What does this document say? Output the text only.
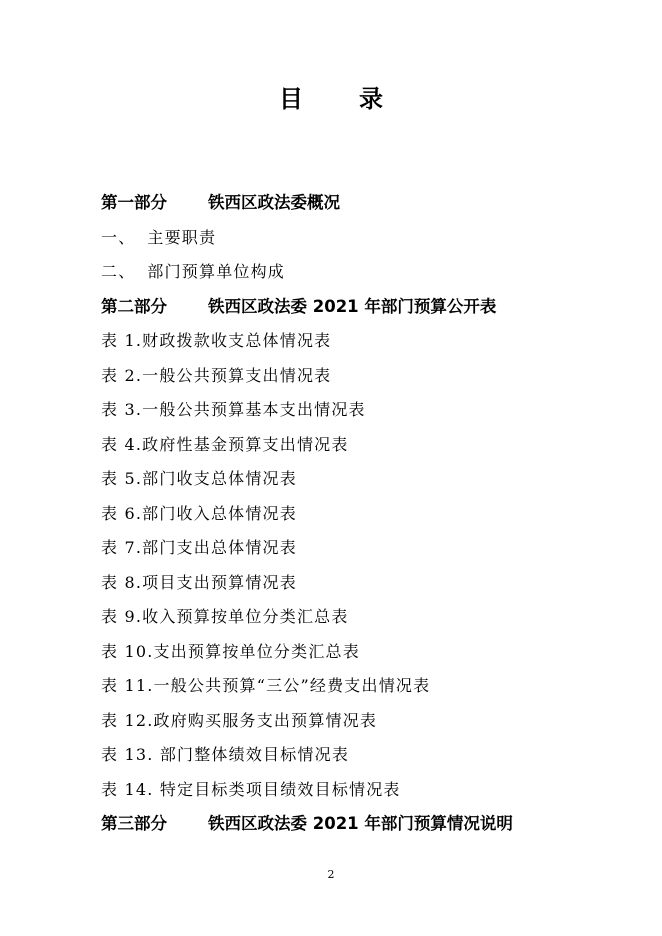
目 录
第一部分 铁西区政法委概况
一、 主要职责
二、 部门预算单位构成
第二部分 铁西区政法委 2021 年部门预算公开表
表 1.财政拨款收支总体情况表
表 2.一般公共预算支出情况表
表 3.一般公共预算基本支出情况表
表 4.政府性基金预算支出情况表
表 5.部门收支总体情况表
表 6.部门收入总体情况表
表 7.部门支出总体情况表
表 8.项目支出预算情况表
表 9.收入预算按单位分类汇总表
表 10.支出预算按单位分类汇总表
表 11.一般公共预算“三公”经费支出情况表
表 12.政府购买服务支出预算情况表
表 13. 部门整体绩效目标情况表
表 14. 特定目标类项目绩效目标情况表
第三部分 铁西区政法委 2021 年部门预算情况说明
2
